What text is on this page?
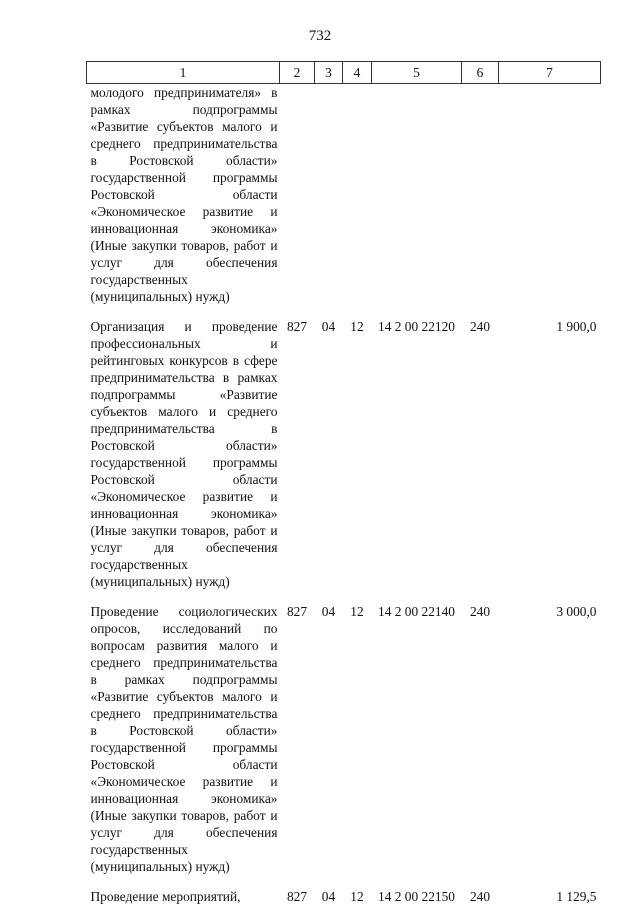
732
1	2	3	4	5	6	7
молодого предпринимателя» в рамках подпрограммы «Развитие субъектов малого и среднего предпринимательства в Ростовской области» государственной программы Ростовской области «Экономическое развитие и инновационная экономика» (Иные закупки товаров, работ и услуг для обеспечения государственных (муниципальных) нужд)						
Организация и проведение профессиональных и рейтинговых конкурсов в сфере предпринимательства в рамках подпрограммы «Развитие субъектов малого и среднего предпринимательства в Ростовской области» государственной программы Ростовской области «Экономическое развитие и инновационная экономика» (Иные закупки товаров, работ и услуг для обеспечения государственных (муниципальных) нужд)	827	04	12	14 2 00 22120	240	1 900,0
Проведение социологических опросов, исследований по вопросам развития малого и среднего предпринимательства в рамках подпрограммы «Развитие субъектов малого и среднего предпринимательства в Ростовской области» государственной программы Ростовской области «Экономическое развитие и инновационная экономика» (Иные закупки товаров, работ и услуг для обеспечения государственных (муниципальных) нужд)	827	04	12	14 2 00 22140	240	3 000,0
Проведение мероприятий,	827	04	12	14 2 00 22150	240	1 129,5
